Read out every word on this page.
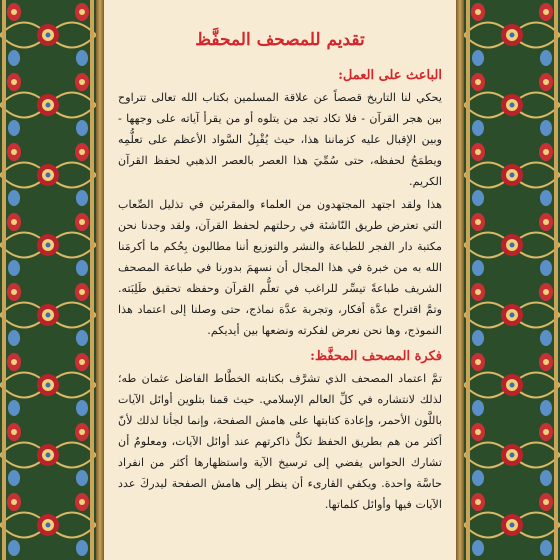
تقديم للمصحف المحفَّظ
الباعث على العمل:

يحكي لنا التاريخ قصصاً عن علاقة المسلمين بكتاب الله تعالى تتراوح بين هجر القرآن - فلا تكاد تجد من يتلوه أو من يقرأ آياته على وجهها - وبين الإقبال عليه كزماننا هذا، حيث يُقْبِلُ السَّواد الأعظم على تعلُّمِه ويطمَحُ لحفظه، حتى سُمِّيَ هذا العصر بالعصر الذهبي لحفظ القرآن الكريم.

هذا ولقد اجتهد المجتهدون من العلماء والمقرئين في تذليل الصِّعاب التي تعترض طريق النّاشئة في رحلتهم لحفظ القرآن، ولقد وجدنا نحن مكتبة دار الفجر للطباعة والنشر والتوزيع أننا مطالبون بِحُكم ما أكرمَنا الله به من خبرة في هذا المجال أن نسهمَ بدورنا في طباعة المصحف الشريف طباعةً تيسِّر للراغب في تعلُّم القرآن وحفظه تحقيق طَلِبَته. وتمَّ اقتراح عدَّة أفكار، وتجربة عدَّة نماذج، حتى وصلنا إلى اعتماد هذا النموذج، وها نحن نعرض لفكرته ونضعها بين أيديكم.

فكرة المصحف المحفَّظ:

تمَّ اعتماد المصحف الذي تشرَّف بكتابته الخطَّاط الفاضل عثمان طه؛ لذلك لانتشاره في كلِّ العالم الإسلامي. حيث قمنا بتلوين أوائل الآيات باللَّون الأحمر، وإعادة كتابتها على هامش الصفحة، وإنما لجأنا لذلك لأنّ أكثر من هم بطريق الحفظ تكلُّ ذاكرتهم عند أوائل الآيات، ومعلومٌ أن تشارك الحواس يفضي إلى ترسيخ الآية واستظهارها أكثر من انفراد حاسَّة واحدة. ويكفي القارىء أن ينظر إلى هامش الصفحة ليدركَ عدد الآيات فيها وأوائل كلماتها.
